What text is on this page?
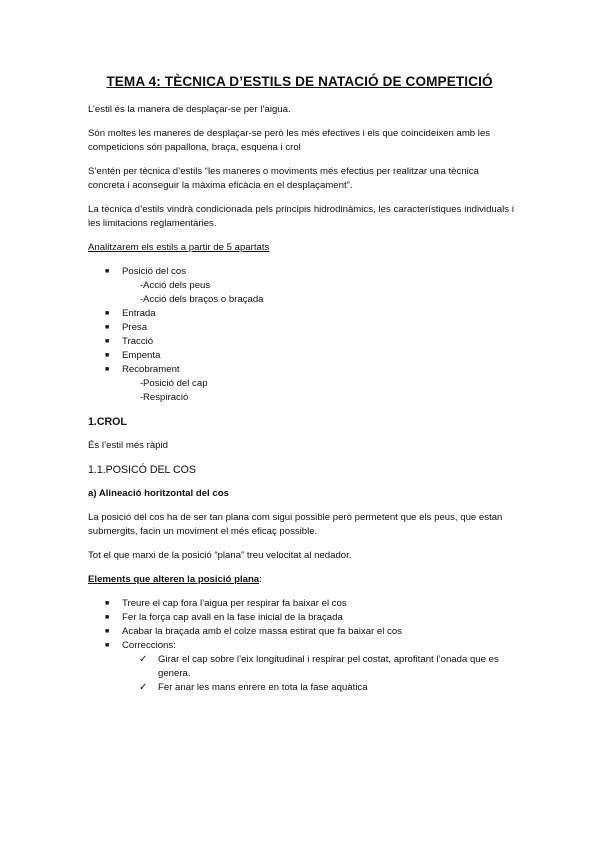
TEMA 4: TÈCNICA D’ESTILS DE NATACIÓ DE COMPETICIÓ

L’estil és la manera de desplaçar-se per l’aigua.

Són moltes les maneres de desplaçar-se però les més efectives i els que coincideixen amb les competicions són papallona, braça, esquena i crol

S’entén per tècnica d’estils “les maneres o moviments més efectius per realitzar una tècnica concreta i aconseguir la màxima eficàcia en el desplaçament”.

La tècnica d’estils vindrà condicionada pels principis hidrodinàmics, les característiques individuals i les limitacions reglamentàries.

Analitzarem els estils a partir de 5 apartats

■ Posició del cos
- Acció dels peus
- Acció dels braços o braçada
■ Entrada
■ Presa
■ Tracció
■ Empenta
■ Recobrament
- Posició del cap
- Respiració
1.CROL

És l’estil més ràpid

1.1.POSICÓ DEL COS
a) Alineació horitzontal del cos

La posició del cos ha de ser tan plana com sigui possible però permetent que els peus, que estan submergits, facin un moviment el més eficaç possible.

Tot el que marxi de la posició “plana” treu velocitat al nedador.

Elements que alteren la posició plana:

■ Treure el cap fora l’aigua per respirar fa baixar el cos
■ Fer la força cap avall en la fase inicial de la braçada
■ Acabar la braçada amb el colze massa estirat que fa baixar el cos
■ Correccions:
✓ Girar el cap sobre l’eix longitudinal i respirar pel costat, aprofitant l’onada que es genera.
✓ Fer anar les mans enrere en tota la fase aquàtica
